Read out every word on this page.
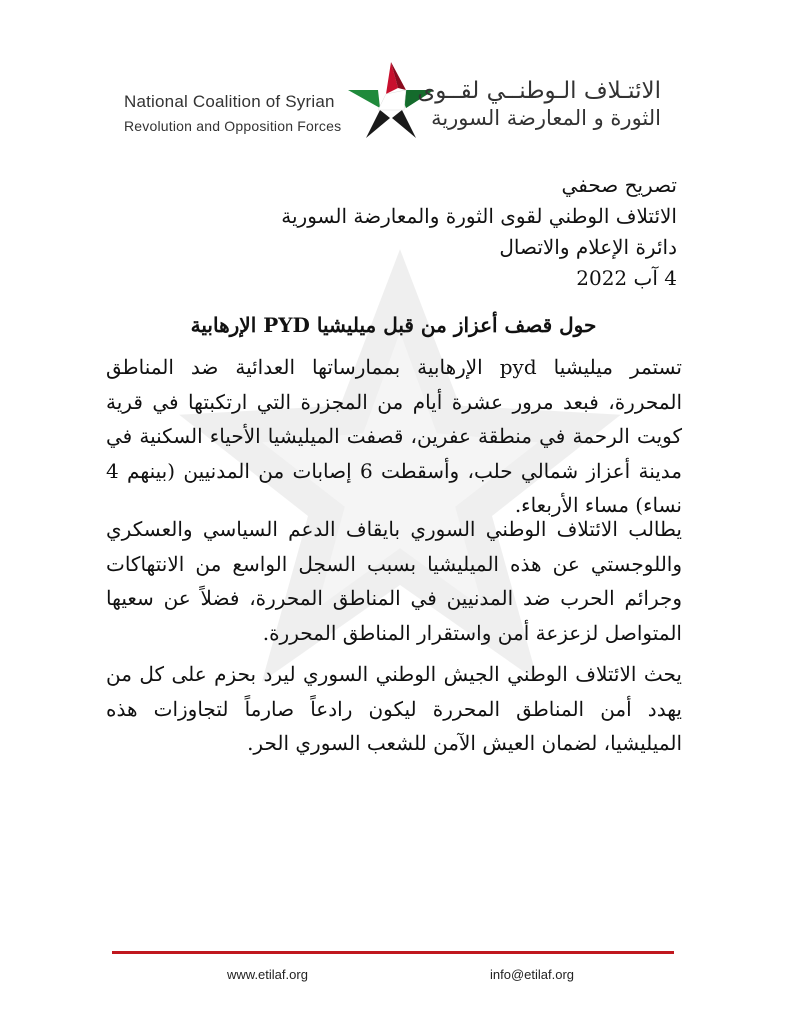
National Coalition of Syrian
Revolution and Opposition Forces
الائتـلاف الـوطنــي لقــوى
الثورة و المعارضة السورية
تصريح صحفي
الائتلاف الوطني لقوى الثورة والمعارضة السورية
دائرة الإعلام والاتصال
4 آب 2022
حول قصف أعزاز من قبل ميليشيا PYD الإرهابية
تستمر ميليشيا pyd الإرهابية بممارساتها العدائية ضد المناطق المحررة، فبعد مرور عشرة أيام من المجزرة التي ارتكبتها في قرية كويت الرحمة في منطقة عفرين، قصفت الميليشيا الأحياء السكنية في مدينة أعزاز شمالي حلب، وأسقطت 6 إصابات من المدنيين (بينهم 4 نساء) مساء الأربعاء.
يطالب الائتلاف الوطني السوري بايقاف الدعم السياسي والعسكري واللوجستي عن هذه الميليشيا بسبب السجل الواسع من الانتهاكات وجرائم الحرب ضد المدنيين في المناطق المحررة، فضلاً عن سعيها المتواصل لزعزعة أمن واستقرار المناطق المحررة.
يحث الائتلاف الوطني الجيش الوطني السوري ليرد بحزم على كل من يهدد أمن المناطق المحررة ليكون رادعاً صارماً لتجاوزات هذه الميليشيا، لضمان العيش الآمن للشعب السوري الحر.
www.etilaf.org	info@etilaf.org
